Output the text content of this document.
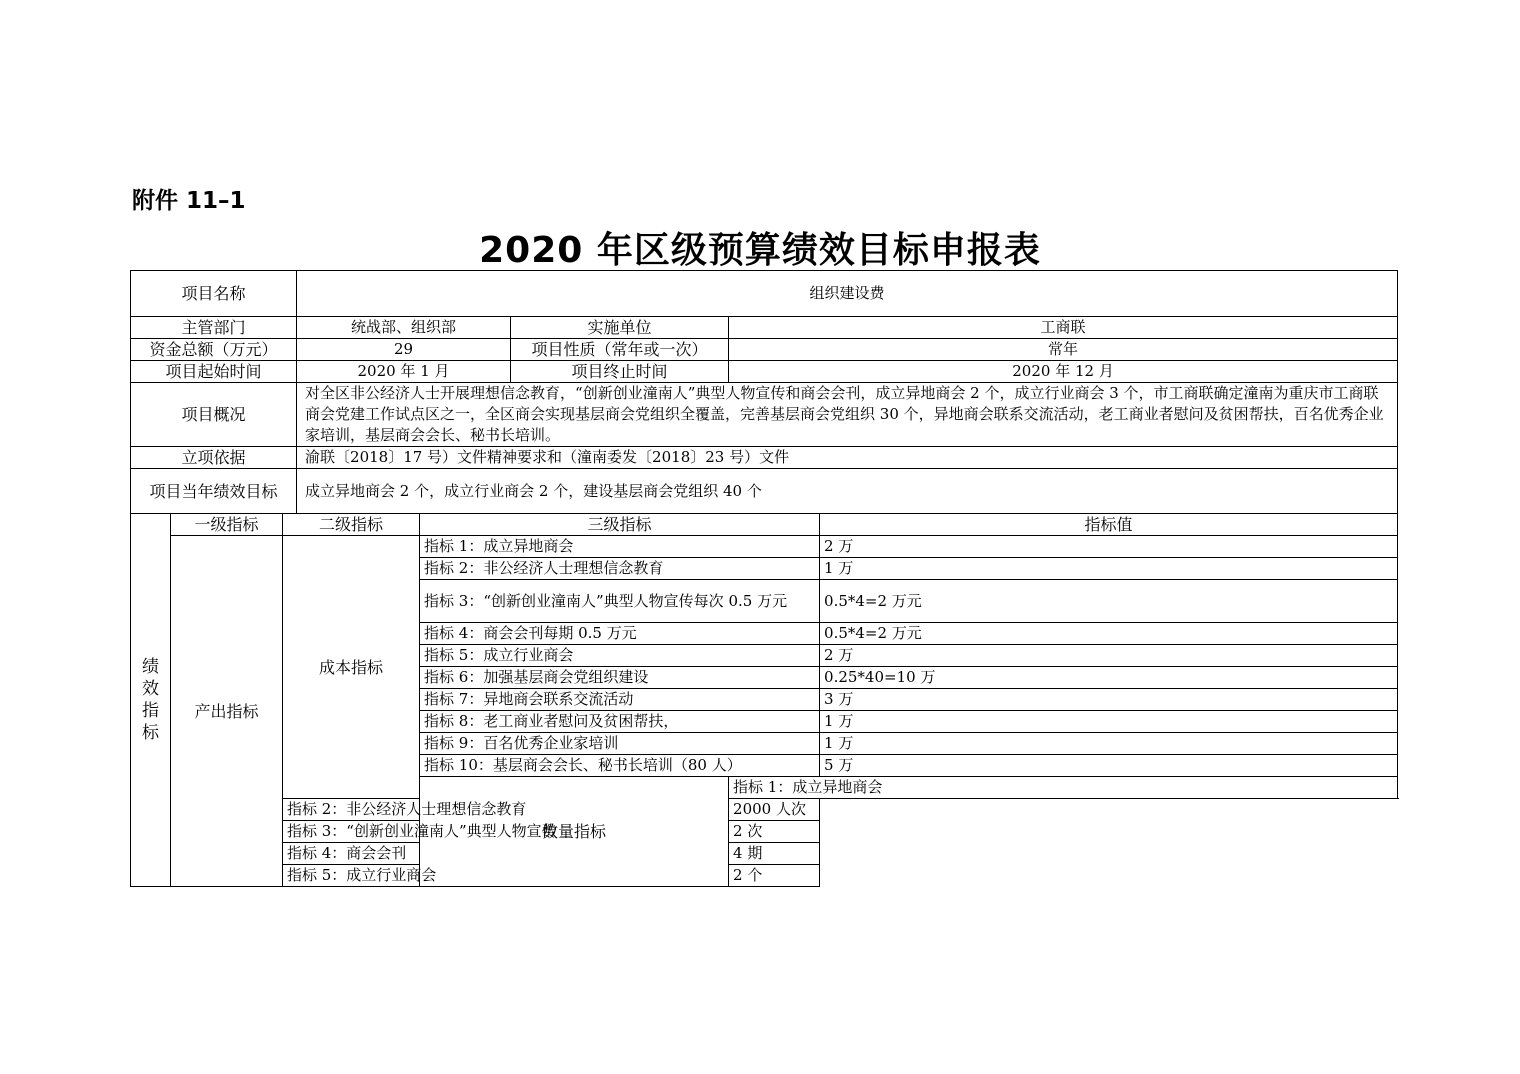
附件 11–1
2020 年区级预算绩效目标申报表
项目名称			组织建设费					
主管部门			统战部、组织部		实施单位	工商联		
资金总额（万元）			29		项目性质（常年或一次）	常年		
项目起始时间			2020 年 1 月		项目终止时间	2020 年 12 月		
项目概况			对全区非公经济人士开展理想信念教育，“创新创业潼南人”典型人物宣传和商会会刊，成立异地商会 2 个，成立行业商会 3 个，市工商联确定潼南为重庆市工商联商会党建工作试点区之一，全区商会实现基层商会党组织全覆盖，完善基层商会党组织 30 个，异地商会联系交流活动，老工商业者慰问及贫困帮扶，百名优秀企业家培训，基层商会会长、秘书长培训。					
立项依据			渝联〔2018〕17 号）文件精神要求和（潼南委发〔2018〕23 号）文件					
项目当年绩效目标			成立异地商会 2 个，成立行业商会 2 个，建设基层商会党组织 40 个					

绩
效
指
标	一级指标	二级指标		三级指标			指标值	
	产出指标	成本指标		指标 1：成立异地商会			2 万	
				指标 2：非公经济人士理想信念教育			1 万	
				指标 3：“创新创业潼南人”典型人物宣传每次 0.5 万元			0.5*4=2 万元	
				指标 4：商会会刊每期 0.5 万元			0.5*4=2 万元	
				指标 5：成立行业商会			2 万	
				指标 6：加强基层商会党组织建设			0.25*40=10 万	
				指标 7：异地商会联系交流活动			3 万	
				指标 8：老工商业者慰问及贫困帮扶，			1 万	
				指标 9：百名优秀企业家培训			1 万	
				指标 10：基层商会会长、秘书长培训（80 人）			5 万	
				数量指标		指标 1：成立异地商会	
		指标 2：非公经济人士理想信念教育				2000 人次		
		指标 3：“创新创业潼南人”典型人物宣传				2 次		
		指标 4：商会会刊				4 期		
		指标 5：成立行业商会				2 个		
